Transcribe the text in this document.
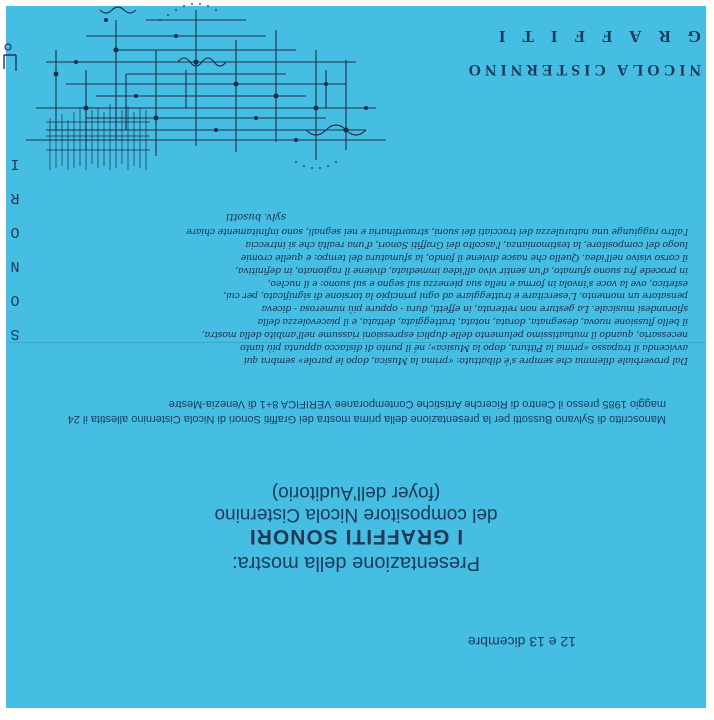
12 e 13 dicembre
Presentazione della mostra:
I GRAFFITI SONORI
del compositore Nicola Cisternino
(foyer dell'Auditorio)
Manoscritto di Sylvano Bussotti per la presentazione della prima mostra dei Graffiti Sonori di Nicola Cisternino allestita il 24
maggio 1985 presso il Centro di Ricerche Artistiche Contemporanee VERIFICA 8+1 di Venezia-Mestre
Dal proverbiale dilemma che sempre s'è dibattuto: «prima la Musica, dopo le parole» sembra qui
avvicenda il trapasso «prima la Pittura, dopo la Musica»; né il punto di distacco appunta più tanto
necessario, quando il mutuatissimo pelumento delle duplici espressioni riassume nell'ambito della mostra,
il bello flussione nuova, desegnata, dorata, notata, tratteggiata, dettata, e il piacevolezza della
sfiorandesi musicale. La gesture non reiterata, in effetti, dura - oppure più numerosa - diceva
pensatore un momento. L'esercitare e tratteggiare ad ogni principio la torsione di significato, per cui,
estetico, ove la voce s'invola in forma e nella sua pienezza sul segno e sul suono: e il nucleo,
in procede fra suono sfumato, d'un sentir vivo all'idea immediata, diviene il ragionato, in definitiva,
il corso visivo nell'idea. Quello che nasce diviene il fondo, la sfumatura del tempo: e quelle cromie
luogo del compositore, la testimonianza, l'ascolto dei Graffiti Sonori, d'una realtà che si intreccia
l'altro raggiunge una naturalezza dei tracciati dei suoni, straordinaria e nei segnali, sono infinitamente chiare
sylv. busotti
S
O
N
O
R
I
NICOLA CISTERNINO
GRAFFITI
